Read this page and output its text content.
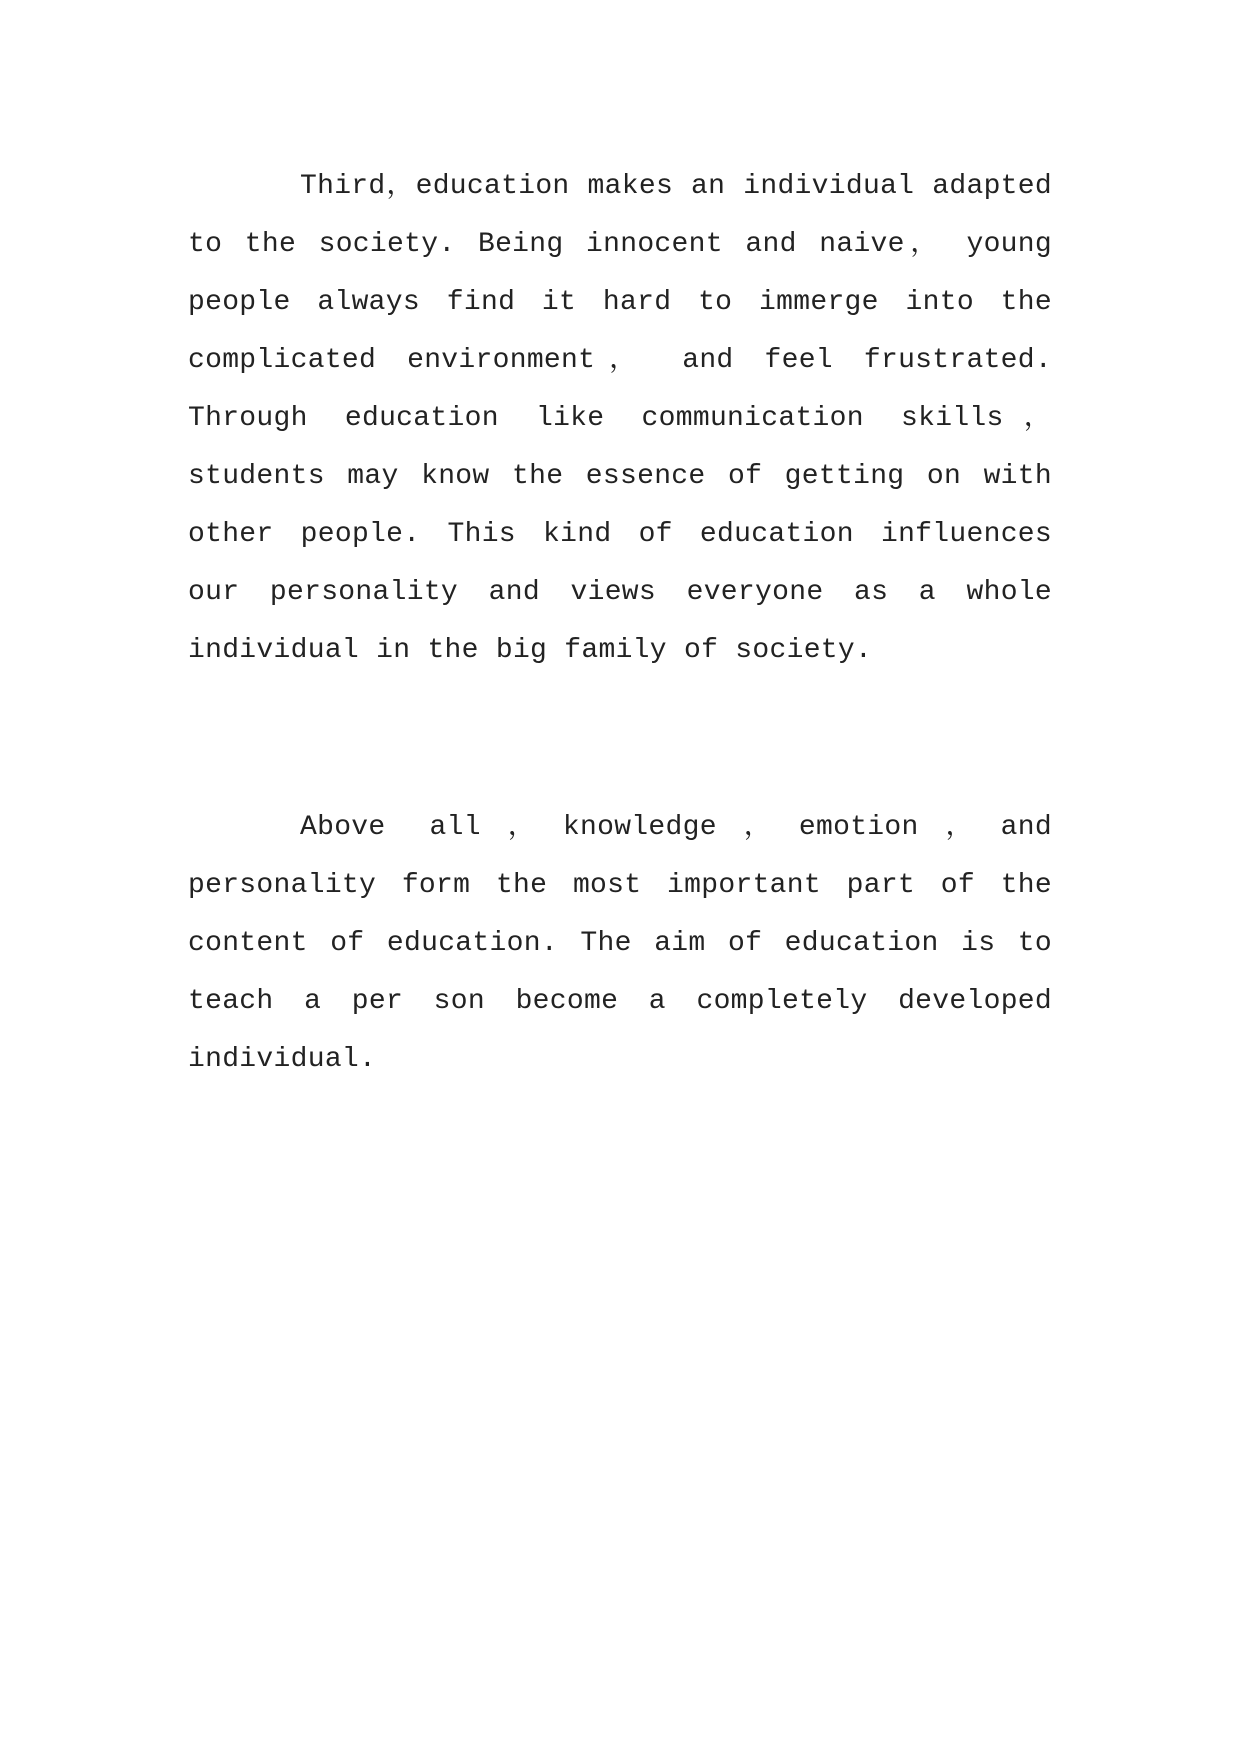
Third，education makes an individual adapted to the society. Being innocent and naive， young people always find it hard to immerge into the complicated environment， and feel frustrated. Through education like communication skills， students may know the essence of getting on with other people. This kind of education influences our personality and views everyone as a whole individual in the big family of society.

Above all，knowledge，emotion，and personality form the most important part of the content of education. The aim of education is to teach a per son become a completely developed individual.
